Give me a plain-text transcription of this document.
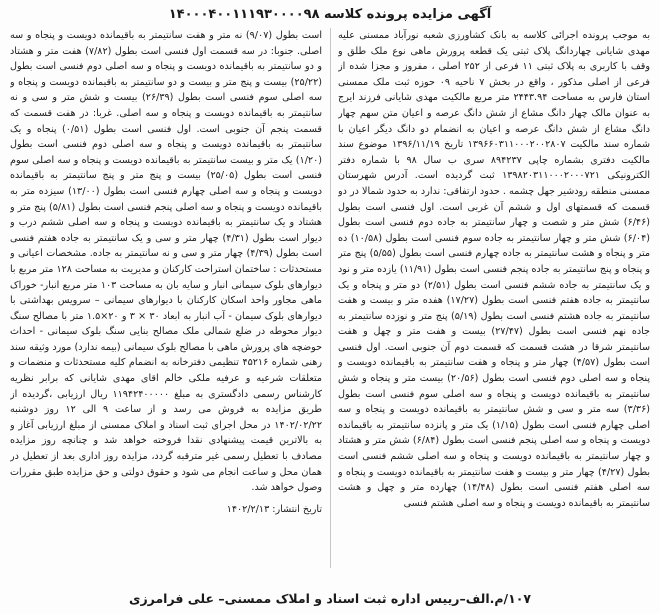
آگهی مزایده پرونده کلاسه ۱۴۰۰۰۴۰۰۱۱۱۹۳۰۰۰۰۹۸

به موجب پرونده اجرائی کلاسه به بانک کشاورزی شعبه نورآباد ممسنی علیه مهدی شایانی چهاردانگ پلاک ثبتی یک قطعه پرورش ماهی نوع ملک طلق و وقف با کاربری به پلاک ثبتی ۱۱ فرعی از ۲۵۲ اصلی ، مفروز و مجزا شده از فرعی از اصلی مذکور ، واقع در بخش ۷ ناحیه ۰۹ حوزه ثبت ملک ممسنی استان فارس به مساحت ۲۴۴۳.۹۴ متر مربع مالکیت مهدی شایانی فرزند ایرج به عنوان مالک چهار دانگ مشاع از شش دانگ عرصه و اعیان متن سهم چهار دانگ مشاع از شش دانگ عرصه و اعیان به انضمام دو دانگ دیگر اعیان با شماره سند مالکیت ۱۳۹۶۶۰۳۱۱۰۰۰۲۰۰۲۸۰۷ تاریخ ۱۳۹۶/۱۱/۱۹ موضوع سند مالکیت دفتری بشماره چاپی ۸۹۴۲۳۷ سری ب سال ۹۸ با شماره دفتر الکترونیکی ۱۳۹۸۲۰۳۱۱۰۰۰۲۰۰۰۷۲۱ ثبت گردیده است. آدرس شهرستان ممسنی منطقه رودشیر جهل چشمه . حدود ارتفاقی: ندارد به حدود شمالا در دو قسمت که قسمتهای اول و ششم آن غربی است. اول فنسی است بطول (۶/۴۶) شش متر و شصت و چهار سانتیمتر به جاده دوم فنسی است بطول (۶/۰۴) شش متر و چهار سانتیمتر به جاده سوم فنسی است بطول (۱۰/۵۸) ده متر و پنجاه و هشت سانتیمتر به جاده چهارم فنسی است بطول (۵/۵۵) پنج متر و پنجاه و پنج سانتیمتر به جاده پنجم فنسی است بطول (۱۱/۹۱) یازده متر و نود و یک سانتیمتر به جاده ششم فنسی است بطول (۲/۵۱) دو متر و پنجاه و یک سانتیمتر به جاده هفتم فنسی است بطول (۱۷/۲۷) هفده متر و بیست و هفت سانتیمتر به جاده هشتم فنسی است بطول (۵/۱۹) پنج متر و نوزده سانتیمتر به جاده نهم فنسی است بطول (۲۷/۴۷) بیست و هفت متر و چهل و هفت سانتیمتر شرقا در هشت قسمت که قسمت دوم آن جنوبی است. اول فنسی است بطول (۴/۵۷) چهار متر و پنجاه و هفت سانتیمتر به باقیمانده دویست و پنجاه و سه اصلی دوم فنسی است بطول (۲۰/۵۶) بیست متر و پنجاه و شش سانتیمتر به باقیمانده دویست و پنجاه و سه اصلی سوم فنسی است بطول (۳/۳۶) سه متر و سی و شش سانتیمتر به باقیمانده دویست و پنجاه و سه اصلی چهارم فنسی است بطول (۱/۱۵) یک متر و پانزده سانتیمتر به باقیمانده دویست و پنجاه و سه اصلی پنجم فنسی است بطول (۶/۸۴) شش متر و هشتاد و چهار سانتیمتر به باقیمانده دویست و پنجاه و سه اصلی ششم فنسی است بطول (۴/۲۷) چهار متر و بیست و هفت سانتیمتر به باقیمانده دویست و پنجاه و سه اصلی هفتم فنسی است بطول (۱۴/۴۸) چهارده متر و چهل و هشت سانتیمتر به باقیمانده دویست و پنجاه و سه اصلی هشتم فنسی

است بطول (۹/۰۷) نه متر و هفت سانتیمتر به باقیمانده دویست و پنجاه و سه اصلی. جنوبا: در سه قسمت اول فنسی است بطول (۷/۸۲) هفت متر و هشتاد و دو سانتیمتر به باقیمانده دویست و پنجاه و سه اصلی دوم فنسی است بطول (۲۵/۲۲) بیست و پنج متر و بیست و دو سانتیمتر به باقیمانده دویست و پنجاه و سه اصلی سوم فنسی است بطول (۲۶/۳۹) بیست و شش متر و سی و نه سانتیمتر به باقیمانده دویست و پنجاه و سه اصلی. غربا: در هفت قسمت که قسمت پنجم آن جنوبی است. اول فنسی است بطول (۰/۵۱) پنجاه و یک سانتیمتر به باقیمانده دویست و پنجاه و سه اصلی دوم فنسی است بطول (۱/۲۰) یک متر و بیست سانتیمتر به باقیمانده دویست و پنجاه و سه اصلی سوم فنسی است بطول (۲۵/۰۵) بیست و پنج متر و پنج سانتیمتر به باقیمانده دویست و پنجاه و سه اصلی چهارم فنسی است بطول (۱۳/۰۰) سیزده متر به باقیمانده دویست و پنجاه و سه اصلی پنجم فنسی است بطول (۵/۸۱) پنج متر و هشتاد و یک سانتیمتر به باقیمانده دویست و پنجاه و سه اصلی ششم درب و دیوار است بطول (۴/۳۱) چهار متر و سی و یک سانتیمتر به جاده هفتم فنسی است بطول (۴/۳۹) چهار متر و سی و نه سانتیمتر به جاده. مشخصات اعیانی و مستحدثات : ساختمان استراحت کارکنان و مدیریت به مساحت ۱۲۸ متر مربع با دیوارهای بلوک سیمانی انبار و سایه بان به مساحت ۱۰۳ متر مربع انبار- خوراک ماهی مجاور واحد اسکان کارکنان با دیوارهای سیمانی – سرویس بهداشتی با دیوارهای بلوک سیمان - آب انبار به ابعاد ۳۰ × ۳ و ۲۰×۱.۵ متر با مصالح سنگ دیوار محوطه در ضلع شمالی ملک مصالح بنایی سنگ بلوک سیمانی - احداث حوضچه های پرورش ماهی با مصالح بلوک سیمانی (بیمه ندارد) مورد وثیقه سند رهنی شماره ۴۵۲۱۶ تنظیمی دفترخانه به انضمام کلیه مستحدثات و منضمات و متعلقات شرعیه و عرفیه ملکی خالم اقای مهدی شایانی که برابر نظریه کارشناس رسمی دادگستری به مبلغ ۱۱۹۴۲۴۰۰۰۰۰ ریال ارزیابی ،گردیده از طریق مزایده به فروش می رسد و از ساعت ۹ الی ۱۲ روز دوشنبه ۱۴۰۲/۰۲/۲۲ در محل اجرای ثبت اسناد و املاک ممسنی از مبلغ ارزیابی آغاز و به بالاترین قیمت پیشنهادی نقدا فروخته خواهد شد و چنانچه روز مزایده مصادف با تعطیل رسمی غیر مترقبه گردد، مزایده روز اداری بعد از تعطیل در همان محل و ساعت انجام می شود و حقوق دولتی و حق مزایده طبق مقررات وصول خواهد شد.

تاریخ انتشار: ۱۴۰۲/۲/۱۳
۱۰۷/م.الف–رییس اداره ثبت اسناد و املاک ممسنی– علی فرامرزی
